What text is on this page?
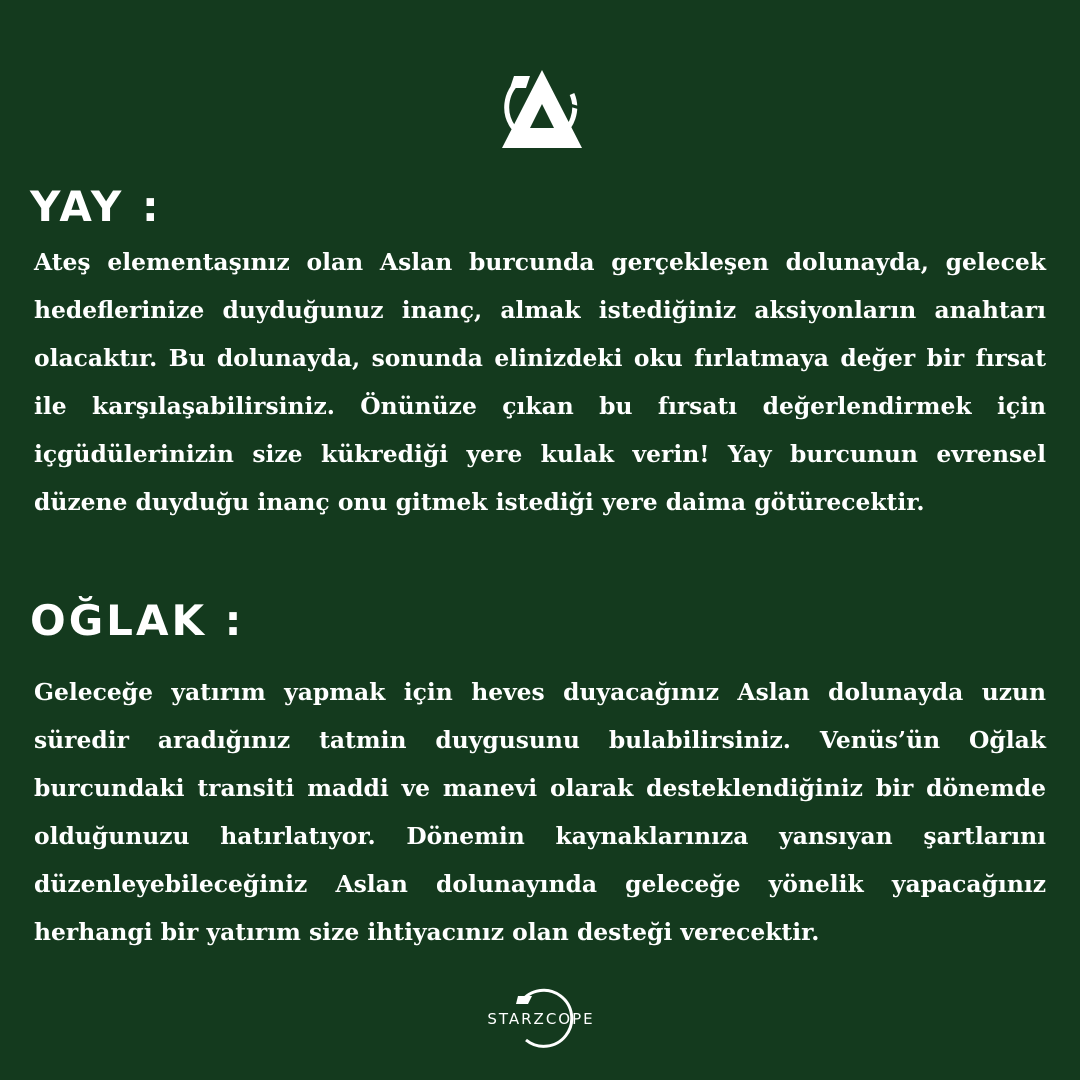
YAY :

Ateş elementaşınız olan Aslan burcunda gerçekleşen dolunayda, gelecek hedeflerinize duyduğunuz inanç, almak istediğiniz aksiyonların anahtarı olacaktır. Bu dolunayda, sonunda elinizdeki oku fırlatmaya değer bir fırsat ile karşılaşabilirsiniz. Önünüze çıkan bu fırsatı değerlendirmek için içgüdülerinizin size kükrediği yere kulak verin! Yay burcunun evrensel düzene duyduğu inanç onu gitmek istediği yere daima götürecektir.

OĞLAK :

Geleceğe yatırım yapmak için heves duyacağınız Aslan dolunayda uzun süredir aradığınız tatmin duygusunu bulabilirsiniz. Venüs’ün Oğlak burcundaki transiti maddi ve manevi olarak desteklendiğiniz bir dönemde olduğunuzu hatırlatıyor. Dönemin kaynaklarınıza yansıyan şartlarını düzenleyebileceğiniz Aslan dolunayında geleceğe yönelik yapacağınız herhangi bir yatırım size ihtiyacınız olan desteği verecektir.

STARZCOPE
